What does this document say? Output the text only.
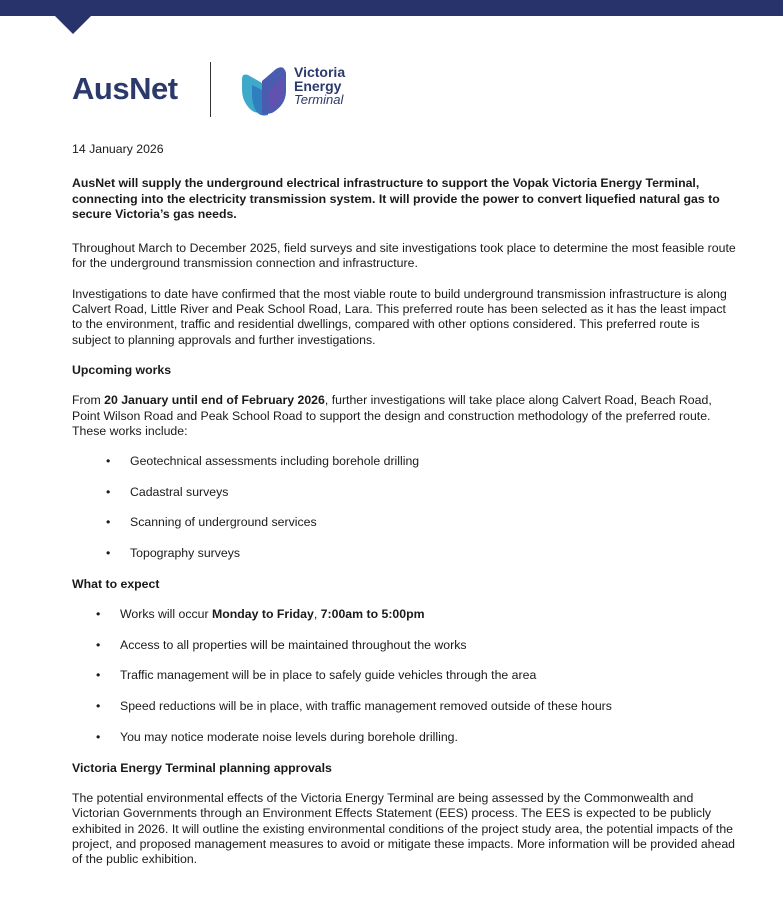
AusNet	Victoria
Energy
Terminal

14 January 2026

AusNet will supply the underground electrical infrastructure to support the Vopak Victoria Energy Terminal, connecting into the electricity transmission system. It will provide the power to convert liquefied natural gas to secure Victoria’s gas needs.

Throughout March to December 2025, field surveys and site investigations took place to determine the most feasible route for the underground transmission connection and infrastructure.

Investigations to date have confirmed that the most viable route to build underground transmission infrastructure is along Calvert Road, Little River and Peak School Road, Lara. This preferred route has been selected as it has the least impact to the environment, traffic and residential dwellings, compared with other options considered. This preferred route is subject to planning approvals and further investigations.

Upcoming works

From 20 January until end of February 2026, further investigations will take place along Calvert Road, Beach Road, Point Wilson Road and Peak School Road to support the design and construction methodology of the preferred route. These works include:

• Geotechnical assessments including borehole drilling
• Cadastral surveys
• Scanning of underground services
• Topography surveys

What to expect

• Works will occur Monday to Friday, 7:00am to 5:00pm
• Access to all properties will be maintained throughout the works
• Traffic management will be in place to safely guide vehicles through the area
• Speed reductions will be in place, with traffic management removed outside of these hours
• You may notice moderate noise levels during borehole drilling.

Victoria Energy Terminal planning approvals

The potential environmental effects of the Victoria Energy Terminal are being assessed by the Commonwealth and Victorian Governments through an Environment Effects Statement (EES) process. The EES is expected to be publicly exhibited in 2026. It will outline the existing environmental conditions of the project study area, the potential impacts of the project, and proposed management measures to avoid or mitigate these impacts. More information will be provided ahead of the public exhibition.
